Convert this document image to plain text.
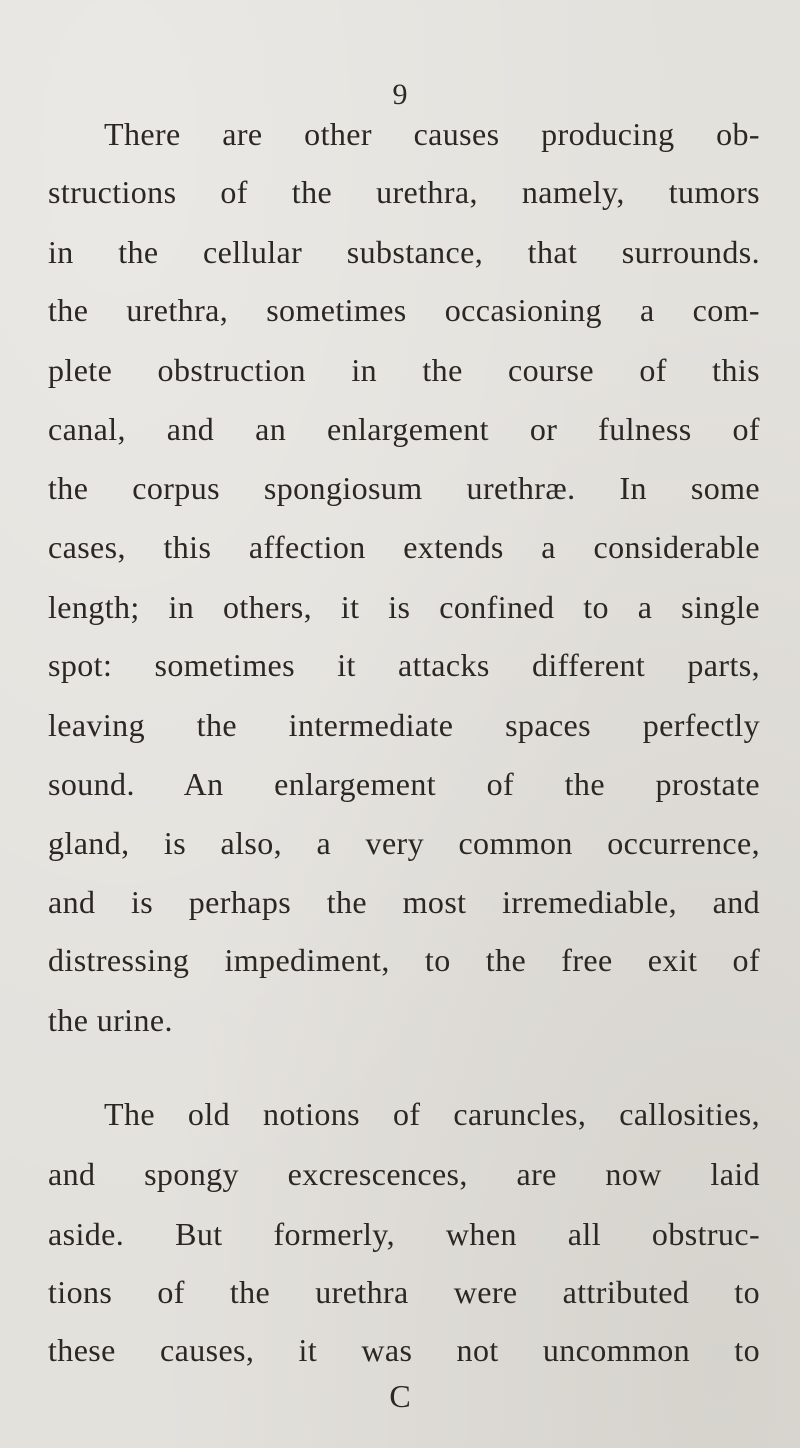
9
There are other causes producing ob-
structions of the urethra, namely, tumors
in the cellular substance, that surrounds.
the urethra, sometimes occasioning a com-
plete obstruction in the course of this
canal, and an enlargement or fulness of
the corpus spongiosum urethræ. In some
cases, this affection extends a considerable
length; in others, it is confined to a single
spot: sometimes it attacks different parts,
leaving the intermediate spaces perfectly
sound. An enlargement of the prostate
gland, is also, a very common occurrence,
and is perhaps the most irremediable, and
distressing impediment, to the free exit of
the urine.
The old notions of caruncles, callosities,
and spongy excrescences, are now laid
aside. But formerly, when all obstruc-
tions of the urethra were attributed to
these causes, it was not uncommon to
C
